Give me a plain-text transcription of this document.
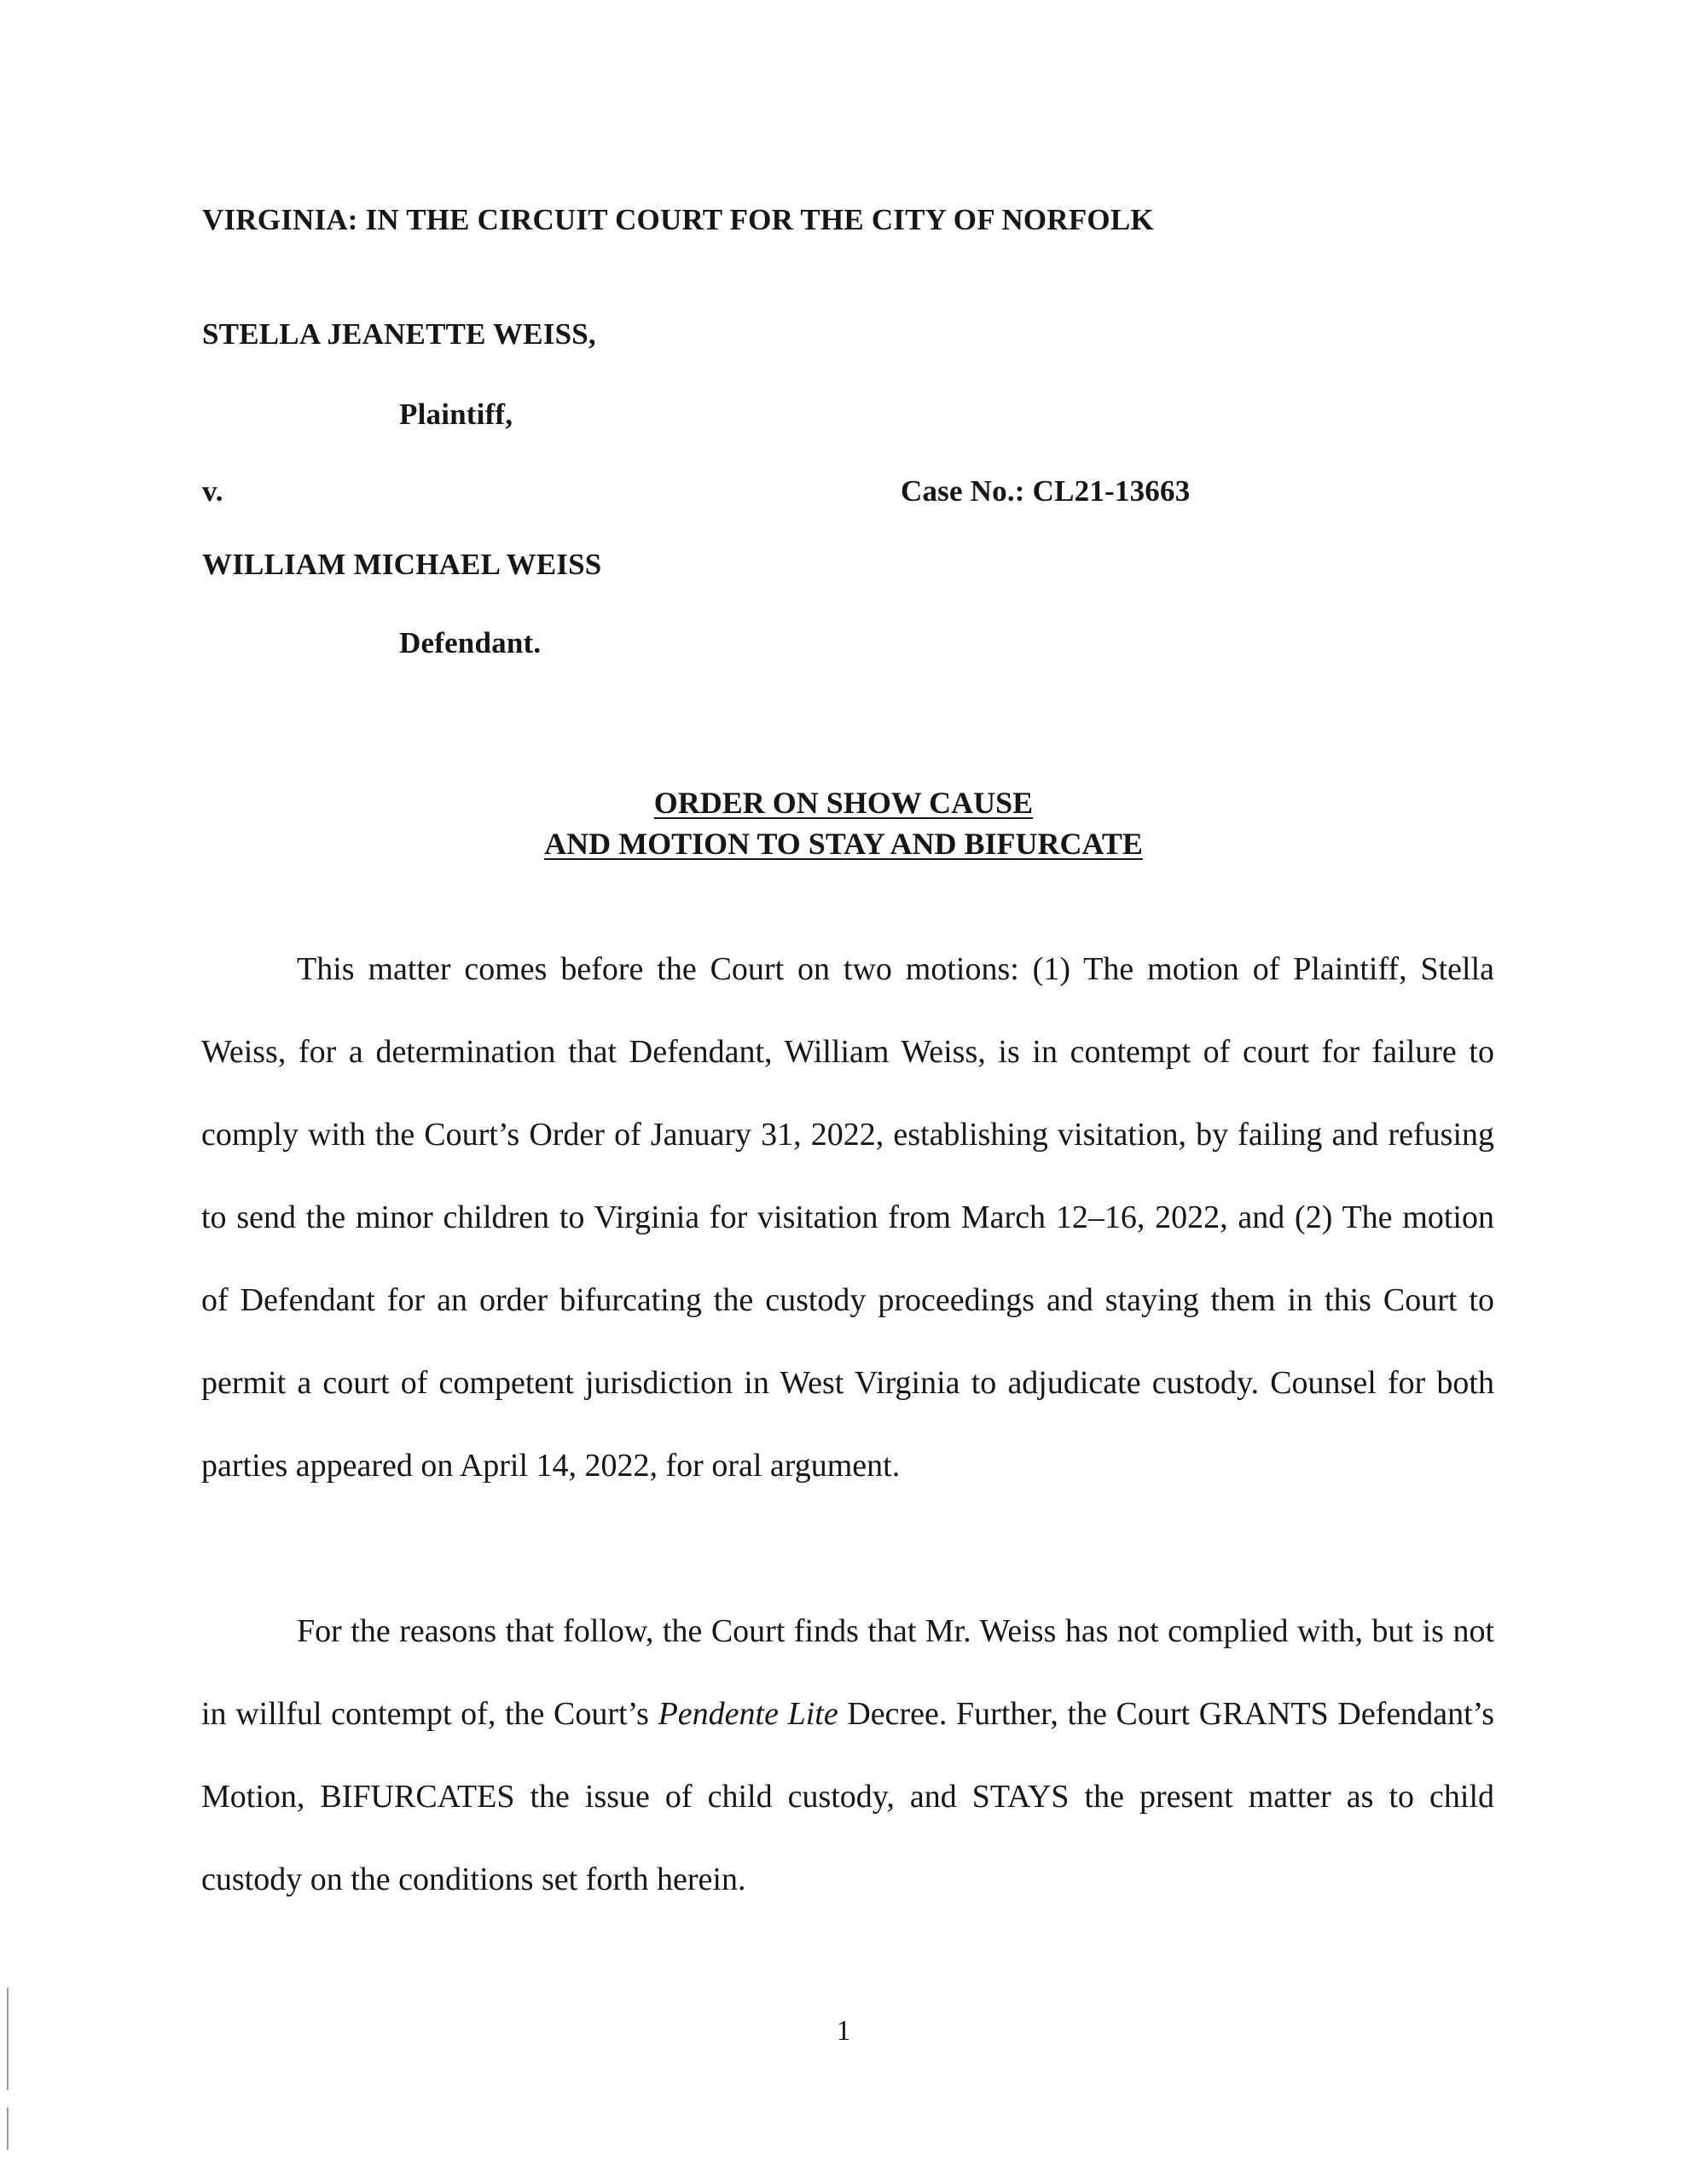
VIRGINIA: IN THE CIRCUIT COURT FOR THE CITY OF NORFOLK
STELLA JEANETTE WEISS,
Plaintiff,
v.	Case No.: CL21-13663
WILLIAM MICHAEL WEISS
Defendant.
ORDER ON SHOW CAUSE
AND MOTION TO STAY AND BIFURCATE

This matter comes before the Court on two motions: (1) The motion of Plaintiff, Stella Weiss, for a determination that Defendant, William Weiss, is in contempt of court for failure to comply with the Court’s Order of January 31, 2022, establishing visitation, by failing and refusing to send the minor children to Virginia for visitation from March 12–16, 2022, and (2) The motion of Defendant for an order bifurcating the custody proceedings and staying them in this Court to permit a court of competent jurisdiction in West Virginia to adjudicate custody. Counsel for both parties appeared on April 14, 2022, for oral argument.

For the reasons that follow, the Court finds that Mr. Weiss has not complied with, but is not in willful contempt of, the Court’s Pendente Lite Decree. Further, the Court GRANTS Defendant’s Motion, BIFURCATES the issue of child custody, and STAYS the present matter as to child custody on the conditions set forth herein.

1
